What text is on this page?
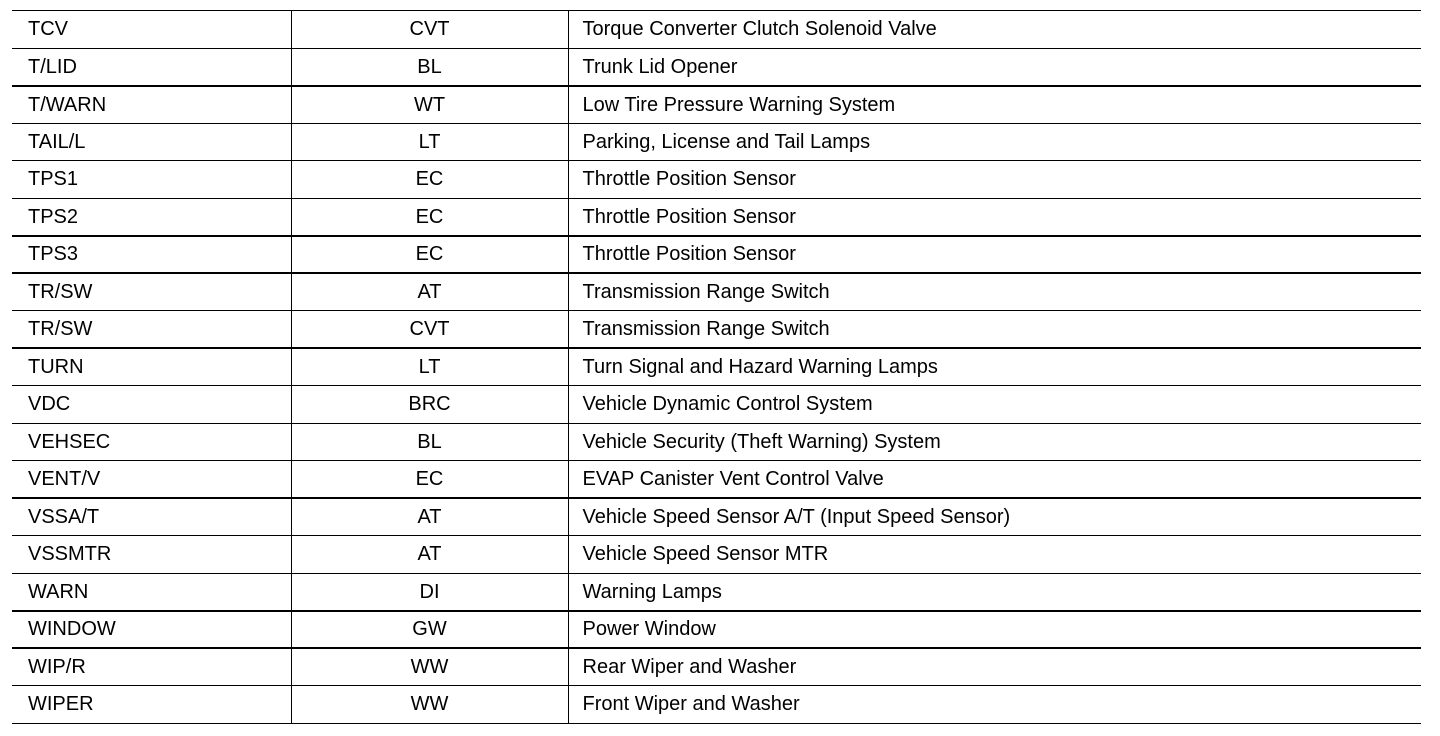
TCV	CVT	Torque Converter Clutch Solenoid Valve
T/LID	BL	Trunk Lid Opener
T/WARN	WT	Low Tire Pressure Warning System
TAIL/L	LT	Parking, License and Tail Lamps
TPS1	EC	Throttle Position Sensor
TPS2	EC	Throttle Position Sensor
TPS3	EC	Throttle Position Sensor
TR/SW	AT	Transmission Range Switch
TR/SW	CVT	Transmission Range Switch
TURN	LT	Turn Signal and Hazard Warning Lamps
VDC	BRC	Vehicle Dynamic Control System
VEHSEC	BL	Vehicle Security (Theft Warning) System
VENT/V	EC	EVAP Canister Vent Control Valve
VSSA/T	AT	Vehicle Speed Sensor A/T (Input Speed Sensor)
VSSMTR	AT	Vehicle Speed Sensor MTR
WARN	DI	Warning Lamps
WINDOW	GW	Power Window
WIP/R	WW	Rear Wiper and Washer
WIPER	WW	Front Wiper and Washer
